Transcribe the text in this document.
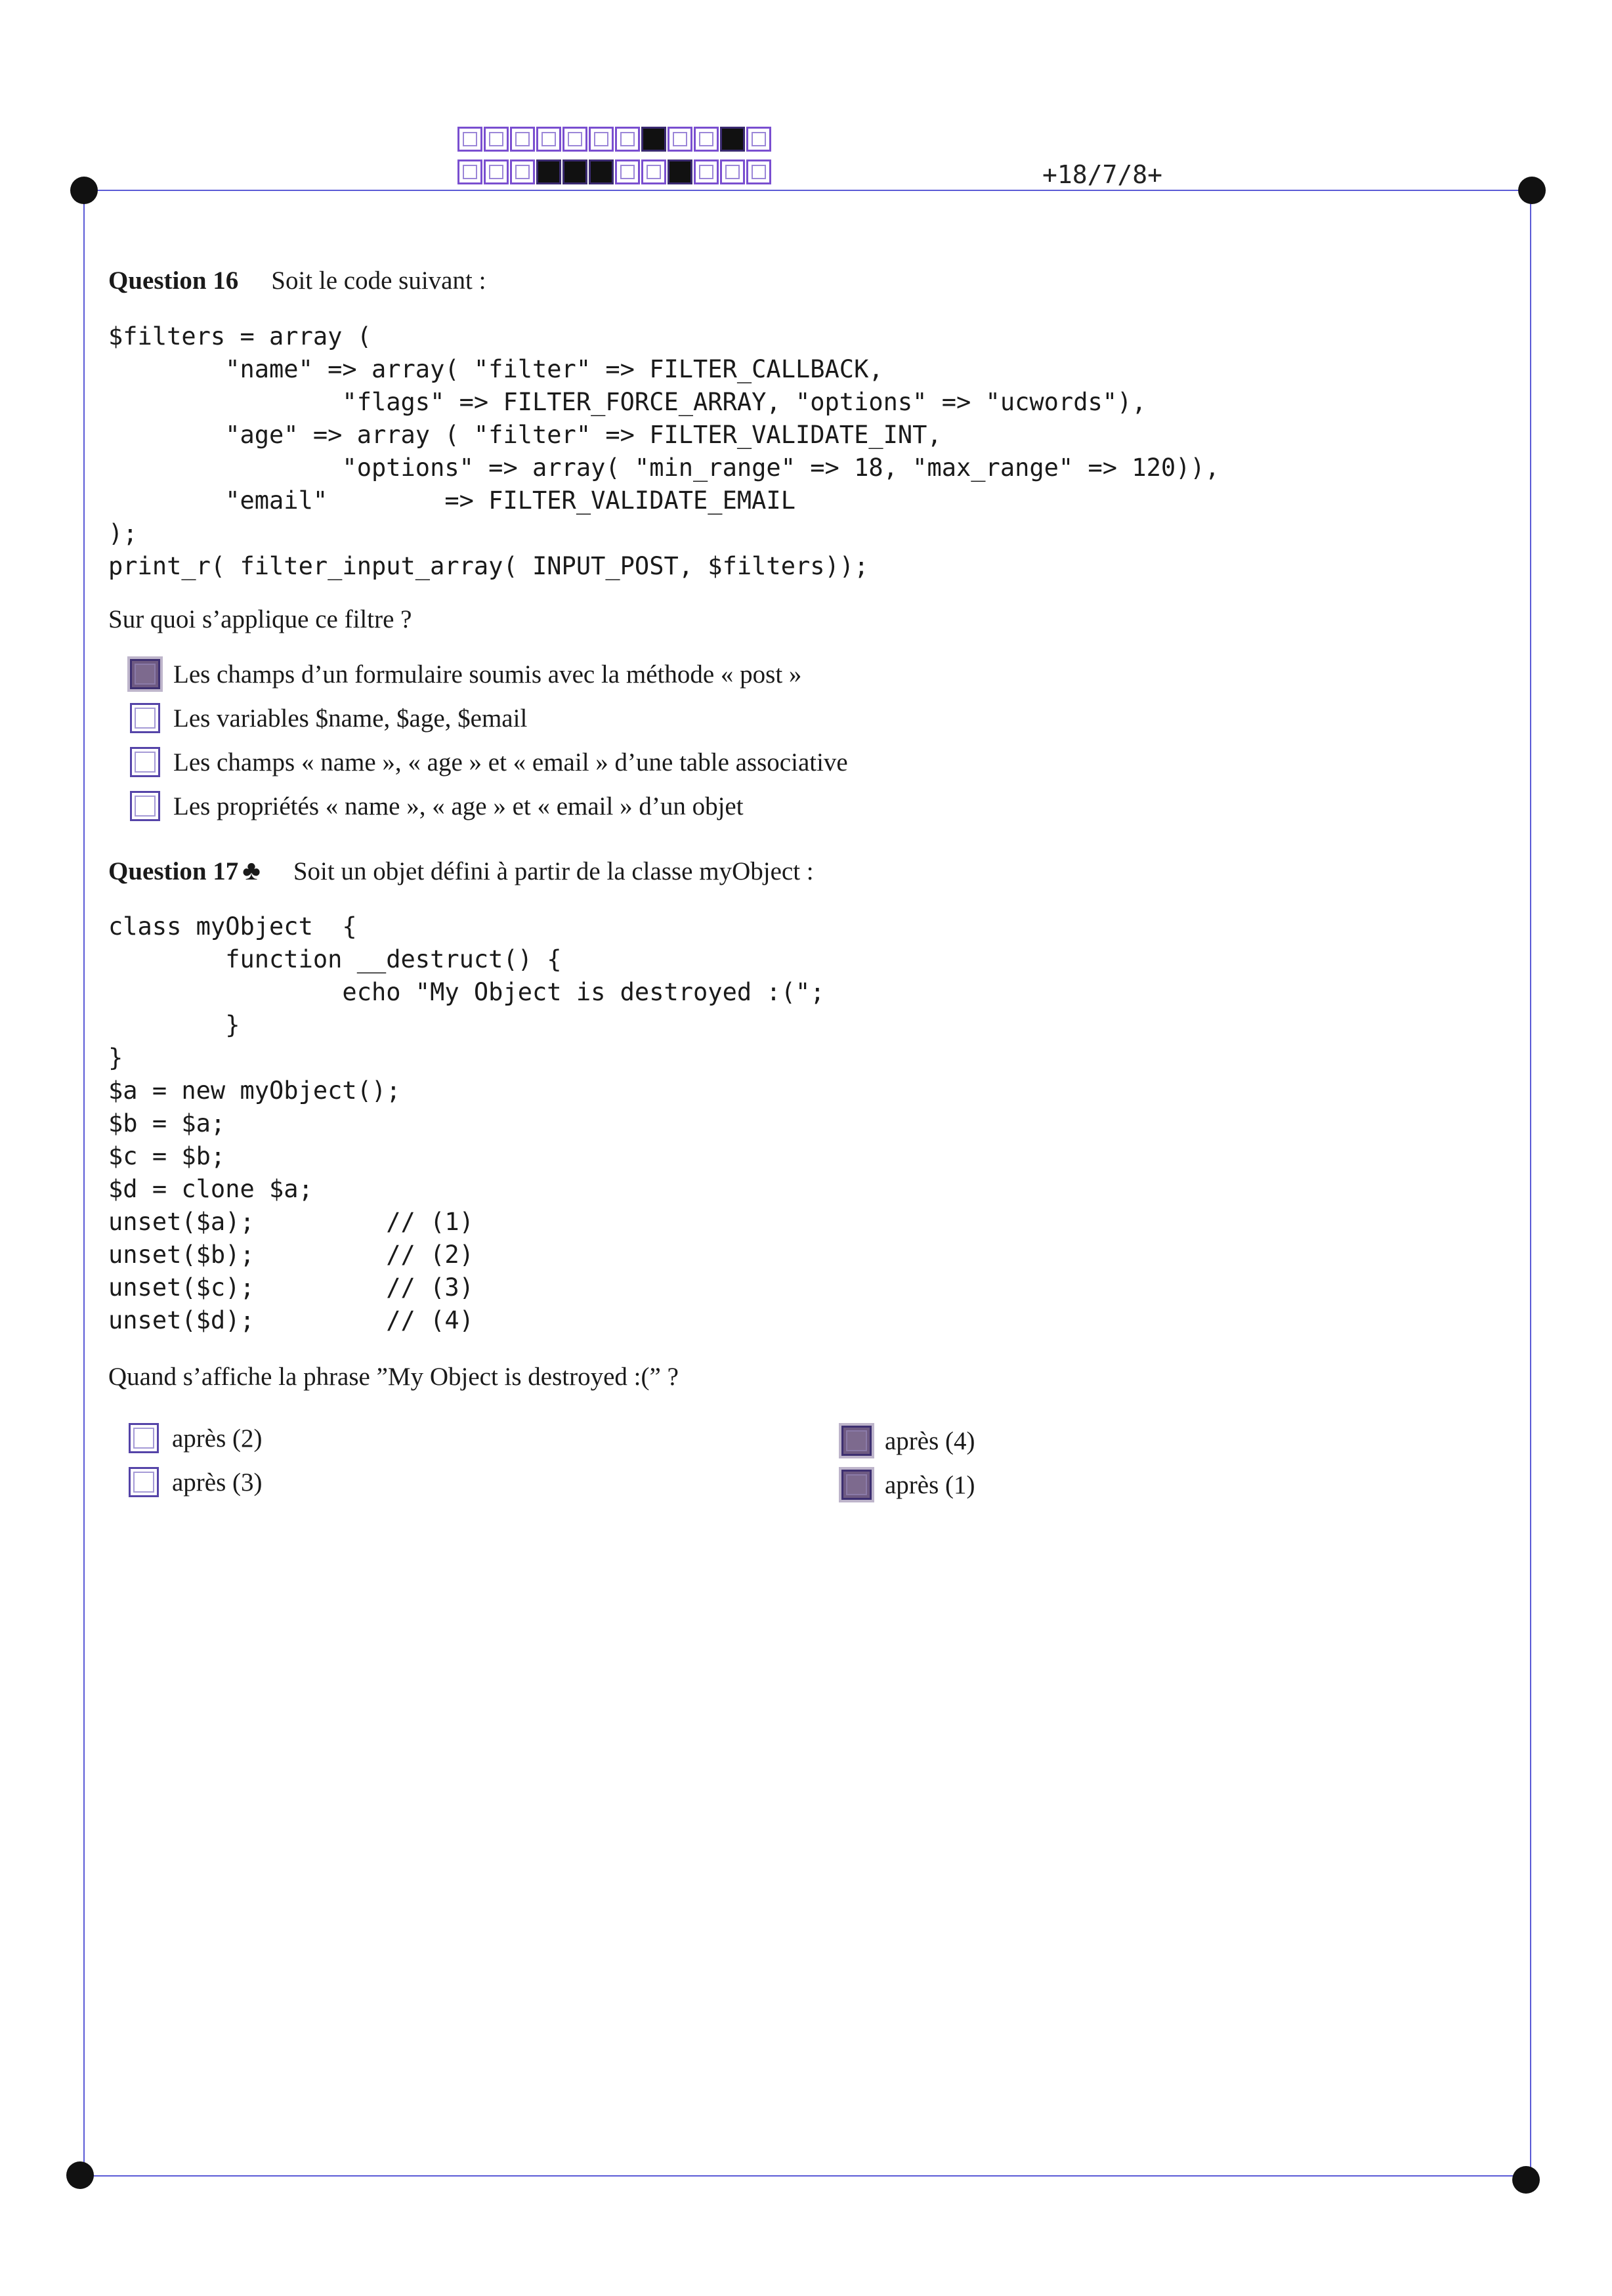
+18/7/8+
Question 16 Soit le code suivant :
$filters = array (
"name" => array( "filter" => FILTER_CALLBACK,
"flags" => FILTER_FORCE_ARRAY, "options" => "ucwords"),
"age" => array ( "filter" => FILTER_VALIDATE_INT,
"options" => array( "min_range" => 18, "max_range" => 120)),
"email"        => FILTER_VALIDATE_EMAIL
);
print_r( filter_input_array( INPUT_POST, $filters));
Sur quoi s’applique ce filtre ?
Les champs d’un formulaire soumis avec la méthode « post »
Les variables $name, $age, $email
Les champs « name », « age » et « email » d’une table associative
Les propriétés « name », « age » et « email » d’un objet
Question 17 ♣ Soit un objet défini à partir de la classe myObject :
class myObject  {
function __destruct() {
echo "My Object is destroyed :(";
}
}
$a = new myObject();
$b = $a;
$c = $b;
$d = clone $a;
unset($a);         // (1)
unset($b);         // (2)
unset($c);         // (3)
unset($d);         // (4)
Quand s’affiche la phrase ”My Object is destroyed :(” ?
après (2)
après (3)
après (4)
après (1)
